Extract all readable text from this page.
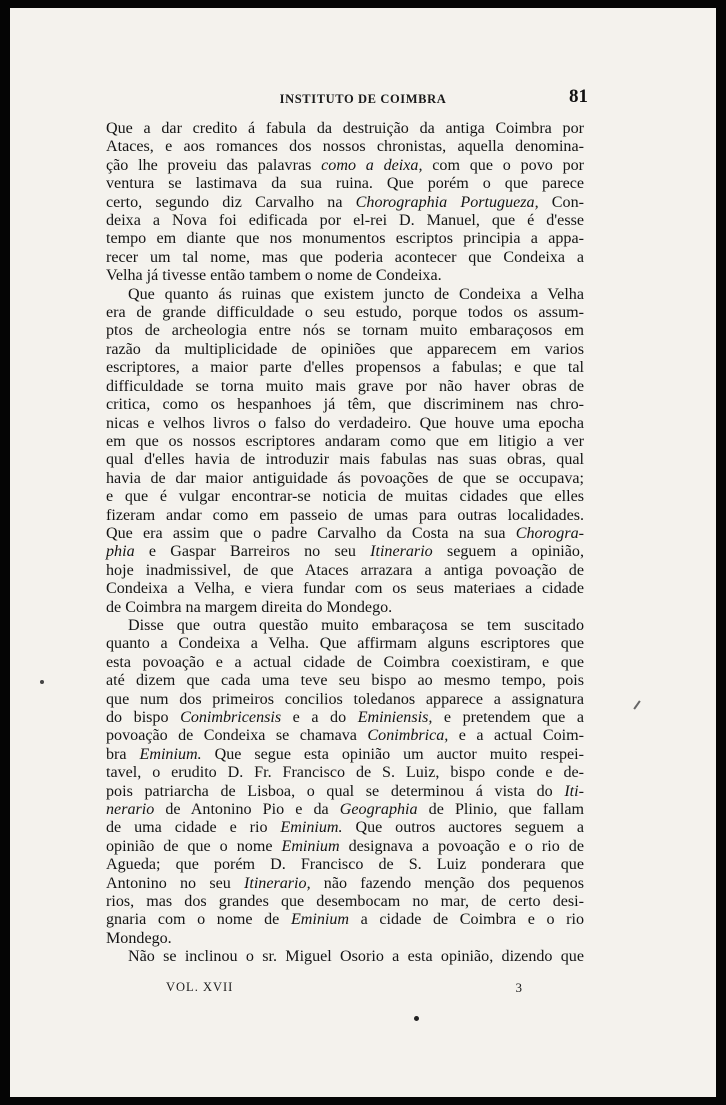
INSTITUTO DE COIMBRA	81
Que a dar credito á fabula da destruição da antiga Coimbra por
Ataces, e aos romances dos nossos chronistas, aquella denomina-
ção lhe proveiu das palavras como a deixa, com que o povo por
ventura se lastimava da sua ruina. Que porém o que parece
certo, segundo diz Carvalho na Chorographia Portugueza, Con-
deixa a Nova foi edificada por el-rei D. Manuel, que é d'esse
tempo em diante que nos monumentos escriptos principia a appa-
recer um tal nome, mas que poderia acontecer que Condeixa a
Velha já tivesse então tambem o nome de Condeixa.
Que quanto ás ruinas que existem juncto de Condeixa a Velha
era de grande difficuldade o seu estudo, porque todos os assum-
ptos de archeologia entre nós se tornam muito embaraçosos em
razão da multiplicidade de opiniões que apparecem em varios
escriptores, a maior parte d'elles propensos a fabulas; e que tal
difficuldade se torna muito mais grave por não haver obras de
critica, como os hespanhoes já têm, que discriminem nas chro-
nicas e velhos livros o falso do verdadeiro. Que houve uma epocha
em que os nossos escriptores andaram como que em litigio a ver
qual d'elles havia de introduzir mais fabulas nas suas obras, qual
havia de dar maior antiguidade ás povoações de que se occupava;
e que é vulgar encontrar-se noticia de muitas cidades que elles
fizeram andar como em passeio de umas para outras localidades.
Que era assim que o padre Carvalho da Costa na sua Chorogra-
phia e Gaspar Barreiros no seu Itinerario seguem a opinião,
hoje inadmissivel, de que Ataces arrazara a antiga povoação de
Condeixa a Velha, e viera fundar com os seus materiaes a cidade
de Coimbra na margem direita do Mondego.
Disse que outra questão muito embaraçosa se tem suscitado
quanto a Condeixa a Velha. Que affirmam alguns escriptores que
esta povoação e a actual cidade de Coimbra coexistiram, e que
até dizem que cada uma teve seu bispo ao mesmo tempo, pois
que num dos primeiros concilios toledanos apparece a assignatura
do bispo Conimbricensis e a do Eminiensis, e pretendem que a
povoação de Condeixa se chamava Conimbrica, e a actual Coim-
bra Eminium. Que segue esta opinião um auctor muito respei-
tavel, o erudito D. Fr. Francisco de S. Luiz, bispo conde e de-
pois patriarcha de Lisboa, o qual se determinou á vista do Iti-
nerario de Antonino Pio e da Geographia de Plinio, que fallam
de uma cidade e rio Eminium. Que outros auctores seguem a
opinião de que o nome Eminium designava a povoação e o rio de
Agueda; que porém D. Francisco de S. Luiz ponderara que
Antonino no seu Itinerario, não fazendo menção dos pequenos
rios, mas dos grandes que desembocam no mar, de certo desi-
gnaria com o nome de Eminium a cidade de Coimbra e o rio
Mondego.
Não se inclinou o sr. Miguel Osorio a esta opinião, dizendo que
VOL. XVII	3
